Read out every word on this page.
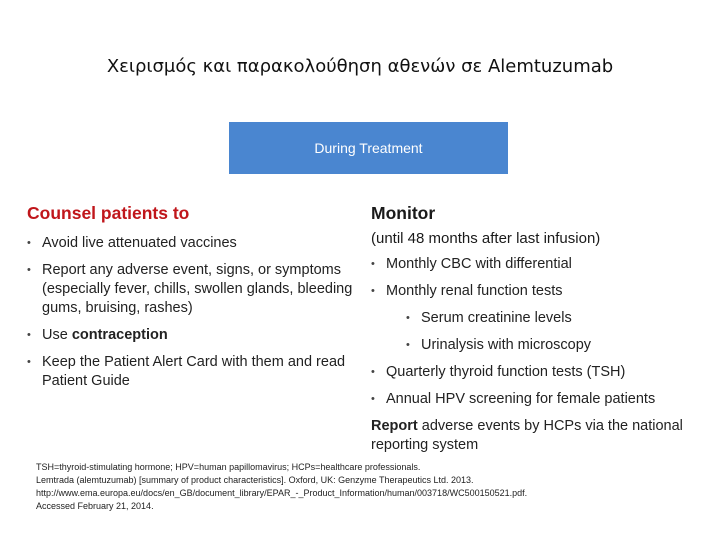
Χειρισμός και παρακολούθηση αθενών σε Alemtuzumab
During Treatment
Counsel patients to
• Avoid live attenuated vaccines
• Report any adverse event, signs, or symptoms (especially fever, chills, swollen glands, bleeding gums, bruising, rashes)
• Use contraception
• Keep the Patient Alert Card with them and read Patient Guide
Monitor
(until 48 months after last infusion)
• Monthly CBC with differential
• Monthly renal function tests
• Serum creatinine levels
• Urinalysis with microscopy
• Quarterly thyroid function tests (TSH)
• Annual HPV screening for female patients
Report adverse events by HCPs via the national reporting system
TSH=thyroid-stimulating hormone; HPV=human papillomavirus; HCPs=healthcare professionals.
Lemtrada (alemtuzumab) [summary of product characteristics]. Oxford, UK: Genzyme Therapeutics Ltd. 2013.
http://www.ema.europa.eu/docs/en_GB/document_library/EPAR_-_Product_Information/human/003718/WC500150521.pdf.
Accessed February 21, 2014.
